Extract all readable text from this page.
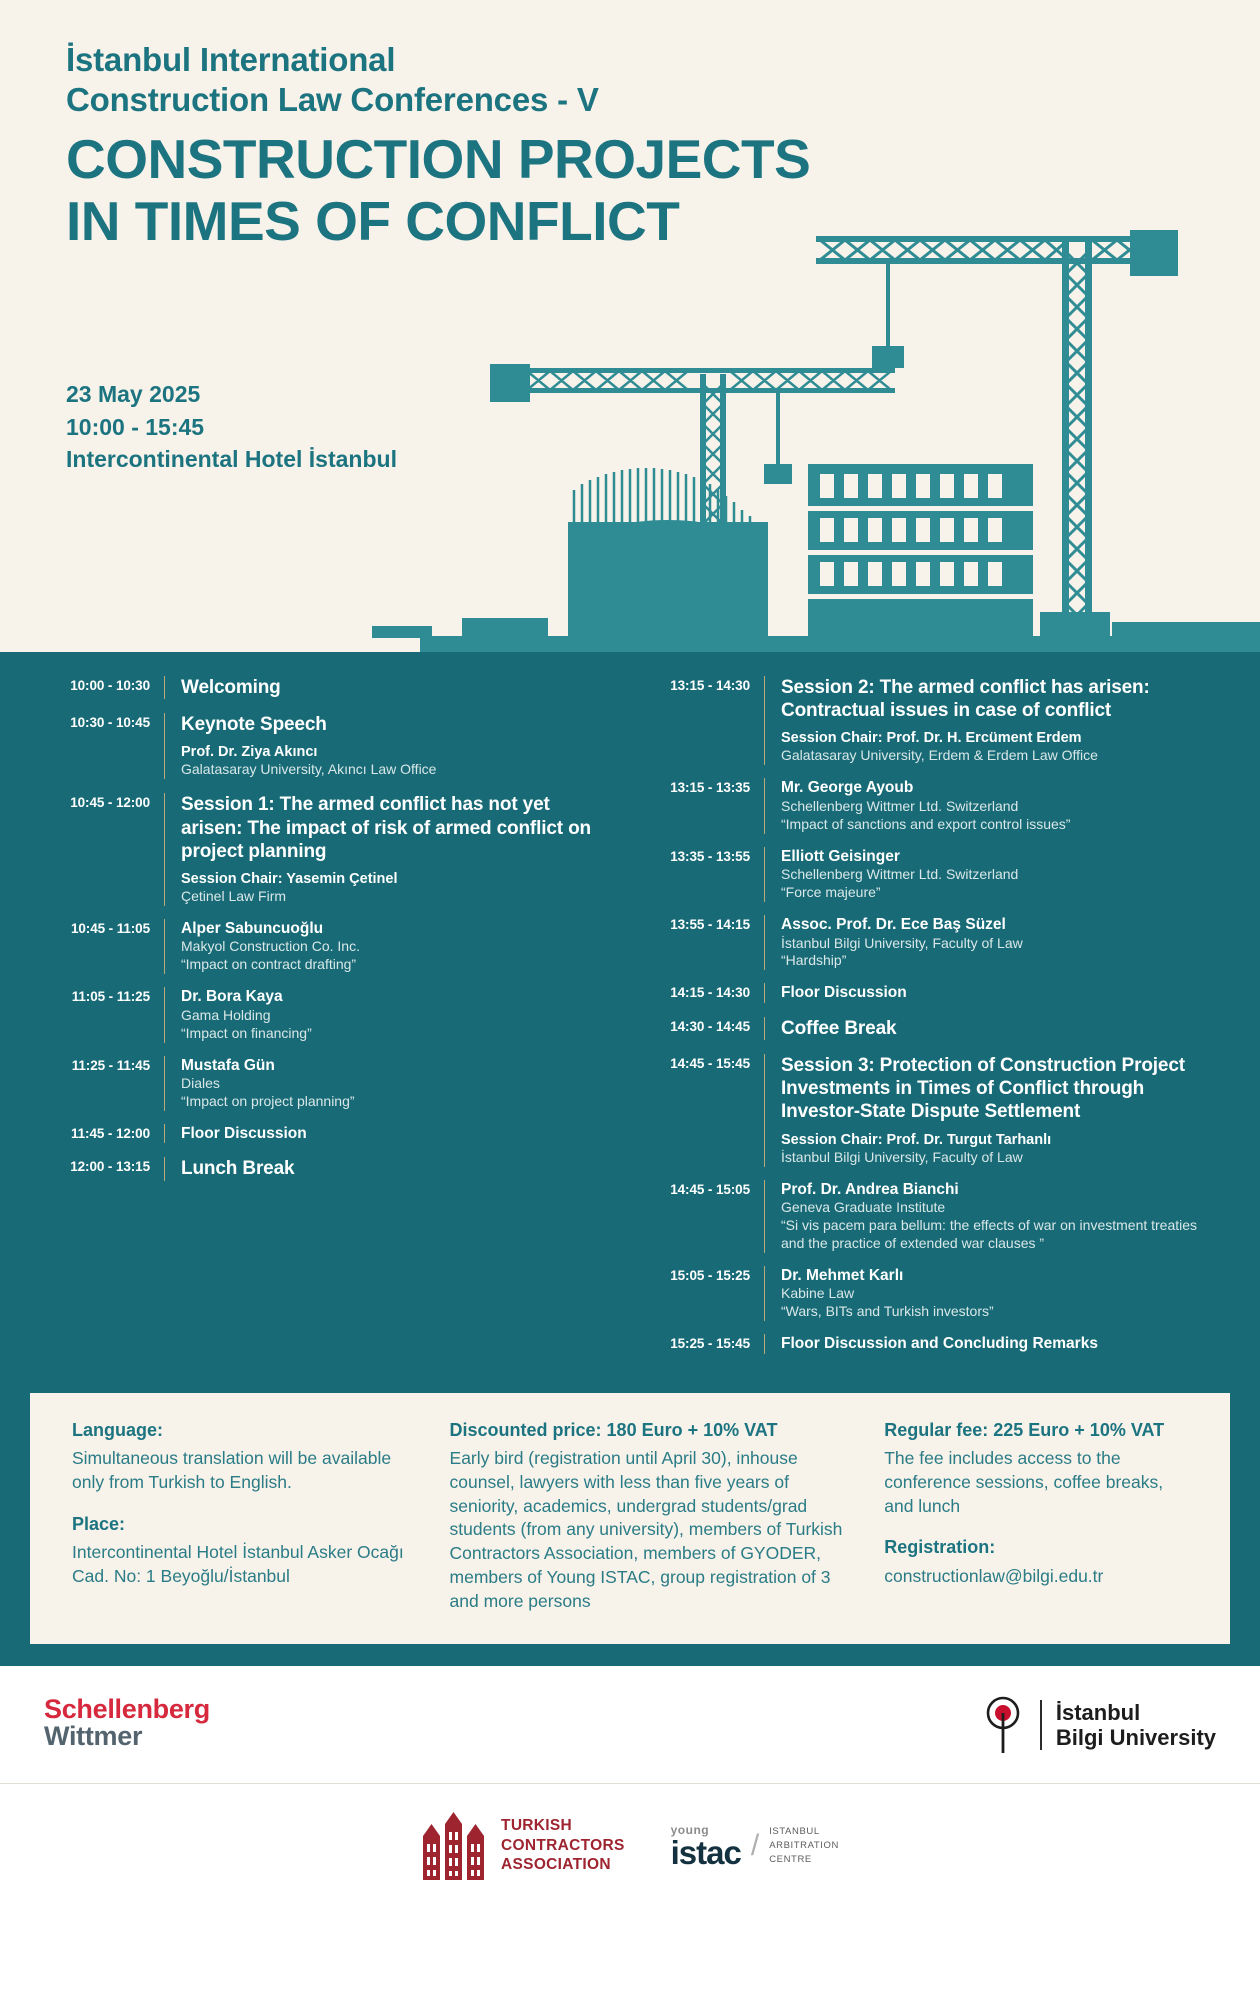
İstanbul International
Construction Law Conferences - V
CONSTRUCTION PROJECTS
IN TIMES OF CONFLICT
23 May 2025
10:00 - 15:45
Intercontinental Hotel İstanbul
10:00 - 10:30	Welcoming
10:30 - 10:45	Keynote Speech
Prof. Dr. Ziya Akıncı
Galatasaray University, Akıncı Law Office
10:45 - 12:00	Session 1: The armed conflict has not yet arisen: The impact of risk of armed conflict on project planning
Session Chair: Yasemin Çetinel
Çetinel Law Firm
10:45 - 11:05	Alper Sabuncuoğlu
Makyol Construction Co. Inc.
“Impact on contract drafting”
11:05 - 11:25	Dr. Bora Kaya
Gama Holding
“Impact on financing”
11:25 - 11:45	Mustafa Gün
Diales
“Impact on project planning”
11:45 - 12:00	Floor Discussion
12:00 - 13:15	Lunch Break
13:15 - 14:30	Session 2: The armed conflict has arisen: Contractual issues in case of conflict
Session Chair: Prof. Dr. H. Ercüment Erdem
Galatasaray University, Erdem & Erdem Law Office
13:15 - 13:35	Mr. George Ayoub
Schellenberg Wittmer Ltd. Switzerland
“Impact of sanctions and export control issues”
13:35 - 13:55	Elliott Geisinger
Schellenberg Wittmer Ltd. Switzerland
“Force majeure”
13:55 - 14:15	Assoc. Prof. Dr. Ece Baş Süzel
İstanbul Bilgi University, Faculty of Law
“Hardship”
14:15 - 14:30	Floor Discussion
14:30 - 14:45	Coffee Break
14:45 - 15:45	Session 3: Protection of Construction Project Investments in Times of Conflict through Investor-State Dispute Settlement
Session Chair: Prof. Dr. Turgut Tarhanlı
İstanbul Bilgi University, Faculty of Law
14:45 - 15:05	Prof. Dr. Andrea Bianchi
Geneva Graduate Institute
“Si vis pacem para bellum: the effects of war on investment treaties and the practice of extended war clauses ”
15:05 - 15:25	Dr. Mehmet Karlı
Kabine Law
“Wars, BITs and Turkish investors”
15:25 - 15:45	Floor Discussion and Concluding Remarks
Language:
Simultaneous translation will be available only from Turkish to English.
Place:
Intercontinental Hotel İstanbul Asker Ocağı Cad. No: 1 Beyoğlu/İstanbul
Discounted price: 180 Euro + 10% VAT
Early bird (registration until April 30), inhouse counsel, lawyers with less than five years of seniority, academics, undergrad students/grad students (from any university), members of Turkish Contractors Association, members of GYODER, members of Young ISTAC, group registration of 3 and more persons
Regular fee: 225 Euro + 10% VAT
The fee includes access to the conference sessions, coffee breaks, and lunch
Registration:
constructionlaw@bilgi.edu.tr
Schellenberg
Wittmer
İstanbul
Bilgi University
TURKISH
CONTRACTORS
ASSOCIATION
young
istac / ISTANBUL
ARBITRATION
CENTRE
